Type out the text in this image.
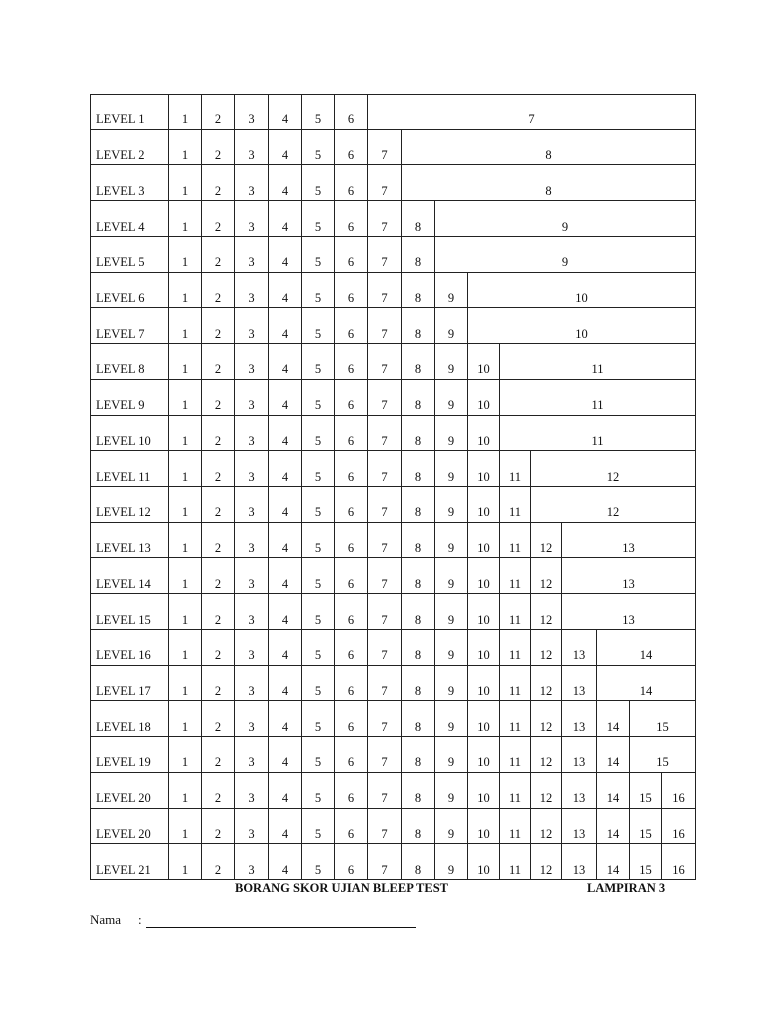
LEVEL 1	1	2	3	4	5	6	7
LEVEL 2	1	2	3	4	5	6	7	8
LEVEL 3	1	2	3	4	5	6	7	8
LEVEL 4	1	2	3	4	5	6	7	8	9
LEVEL 5	1	2	3	4	5	6	7	8	9
LEVEL 6	1	2	3	4	5	6	7	8	9	10
LEVEL 7	1	2	3	4	5	6	7	8	9	10
LEVEL 8	1	2	3	4	5	6	7	8	9	10	11
LEVEL 9	1	2	3	4	5	6	7	8	9	10	11
LEVEL 10	1	2	3	4	5	6	7	8	9	10	11
LEVEL 11	1	2	3	4	5	6	7	8	9	10	11	12
LEVEL 12	1	2	3	4	5	6	7	8	9	10	11	12
LEVEL 13	1	2	3	4	5	6	7	8	9	10	11	12	13
LEVEL 14	1	2	3	4	5	6	7	8	9	10	11	12	13
LEVEL 15	1	2	3	4	5	6	7	8	9	10	11	12	13
LEVEL 16	1	2	3	4	5	6	7	8	9	10	11	12	13	14
LEVEL 17	1	2	3	4	5	6	7	8	9	10	11	12	13	14
LEVEL 18	1	2	3	4	5	6	7	8	9	10	11	12	13	14	15
LEVEL 19	1	2	3	4	5	6	7	8	9	10	11	12	13	14	15
LEVEL 20	1	2	3	4	5	6	7	8	9	10	11	12	13	14	15	16
LEVEL 20	1	2	3	4	5	6	7	8	9	10	11	12	13	14	15	16
LEVEL 21	1	2	3	4	5	6	7	8	9	10	11	12	13	14	15	16
BORANG SKOR UJIAN BLEEP TEST	LAMPIRAN 3
Nama	:
